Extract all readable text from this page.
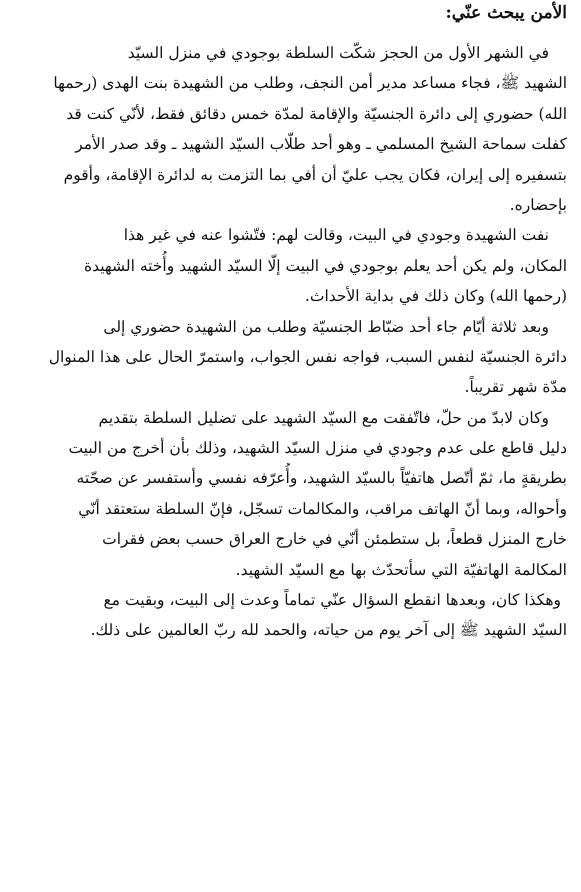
الأمن يبحث عنّي:

في الشهر الأول من الحجز شكّت السلطة بوجودي في منزل السيّد
الشهيد ﷺ، فجاء مساعد مدير أمن النجف، وطلب من الشهيدة بنت الهدى (رحمها
الله) حضوري إلى دائرة الجنسيّة والإقامة لمدّة خمس دقائق فقط، لأنّي كنت قد
كفلت سماحة الشيخ المسلمي ـ وهو أحد طلّاب السيّد الشهيد ـ وقد صدر الأمر
بتسفيره إلى إيران، فكان يجب عليّ أن أفي بما التزمت به لدائرة الإقامة، وأقوم
بإحضاره.

نفت الشهيدة وجودي في البيت، وقالت لهم: فتّشوا عنه في غير هذا
المكان، ولم يكن أحد يعلم بوجودي في البيت إلّا السيّد الشهيد وأُخته الشهيدة
(رحمها الله) وكان ذلك في بداية الأحداث.

وبعد ثلاثة أيّام جاء أحد ضبّاط الجنسيّة وطلب من الشهيدة حضوري إلى
دائرة الجنسيّة لنفس السبب، فواجه نفس الجواب، واستمرّ الحال على هذا المنوال
مدّة شهر تقريباً.

وكان لابدّ من حلّ، فاتّفقت مع السيّد الشهيد على تضليل السلطة بتقديم
دليل قاطع على عدم وجودي في منزل السيّد الشهيد، وذلك بأن أخرج من البيت
بطريقةٍ ما، ثمّ أتّصل هاتفيّاً بالسيّد الشهيد، وأُعرّفه نفسي وأستفسر عن صحّته
وأحواله، وبما أنّ الهاتف مراقب، والمكالمات تسجّل، فإنّ السلطة ستعتقد أنّي
خارج المنزل قطعاً، بل ستطمئن أنّي في خارج العراق حسب بعض فقرات
المكالمة الهاتفيّة التي سأتحدّث بها مع السيّد الشهيد.

وهكذا كان، وبعدها انقطع السؤال عنّي تماماً وعدت إلى البيت، وبقيت مع
السيّد الشهيد ﷺ إلى آخر يوم من حياته، والحمد لله ربّ العالمين على ذلك.
